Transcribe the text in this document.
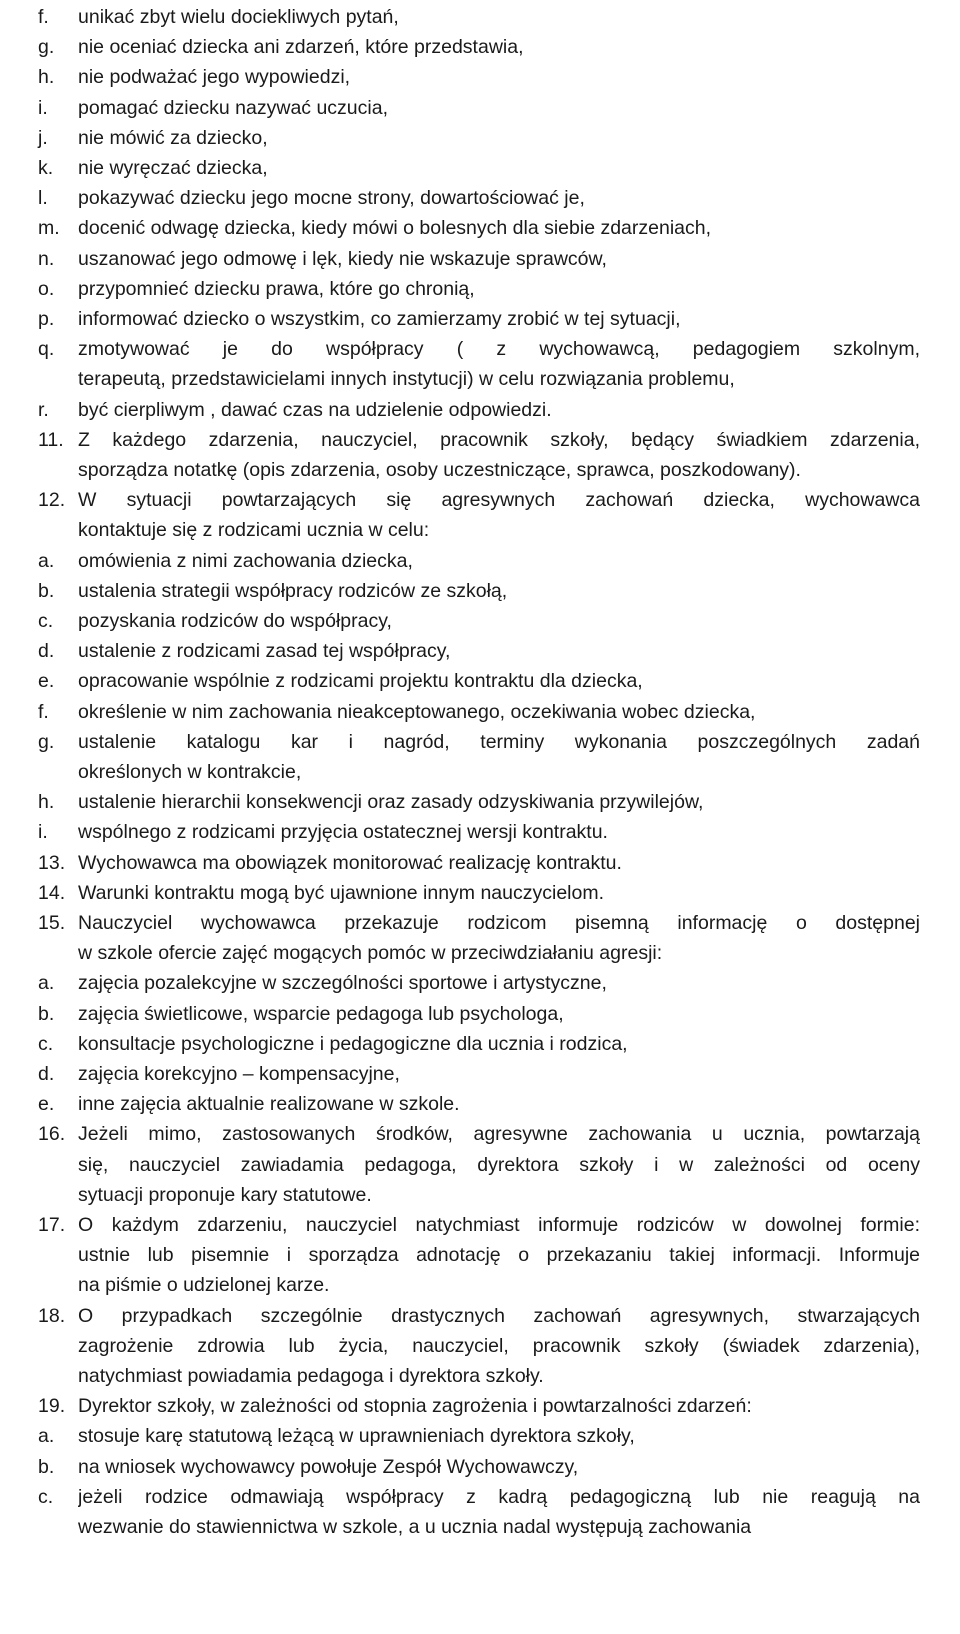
f. unikać zbyt wielu dociekliwych pytań,
g. nie oceniać dziecka ani zdarzeń, które przedstawia,
h. nie podważać jego wypowiedzi,
i. pomagać dziecku nazywać uczucia,
j. nie mówić za dziecko,
k. nie wyręczać dziecka,
l. pokazywać dziecku jego mocne strony, dowartościować je,
m. docenić odwagę dziecka, kiedy mówi o bolesnych dla siebie zdarzeniach,
n. uszanować jego odmowę i lęk, kiedy nie wskazuje sprawców,
o. przypomnieć dziecku prawa, które go chronią,
p. informować dziecko o wszystkim, co zamierzamy zrobić w tej sytuacji,
q. zmotywować je do współpracy ( z wychowawcą, pedagogiem szkolnym,
terapeutą, przedstawicielami innych instytucji) w celu rozwiązania problemu,
r. być cierpliwym , dawać czas na udzielenie odpowiedzi.
11. Z każdego zdarzenia, nauczyciel, pracownik szkoły, będący świadkiem zdarzenia,
sporządza notatkę (opis zdarzenia, osoby uczestniczące, sprawca, poszkodowany).
12. W sytuacji powtarzających się agresywnych zachowań dziecka, wychowawca
kontaktuje się z rodzicami ucznia w celu:
a. omówienia z nimi zachowania dziecka,
b. ustalenia strategii współpracy rodziców ze szkołą,
c. pozyskania rodziców do współpracy,
d. ustalenie z rodzicami zasad tej współpracy,
e. opracowanie wspólnie z rodzicami projektu kontraktu dla dziecka,
f. określenie w nim zachowania nieakceptowanego, oczekiwania wobec dziecka,
g. ustalenie katalogu kar i nagród, terminy wykonania poszczególnych zadań
określonych w kontrakcie,
h. ustalenie hierarchii konsekwencji oraz zasady odzyskiwania przywilejów,
i. wspólnego z rodzicami przyjęcia ostatecznej wersji kontraktu.
13. Wychowawca ma obowiązek monitorować realizację kontraktu.
14. Warunki kontraktu mogą być ujawnione innym nauczycielom.
15. Nauczyciel wychowawca przekazuje rodzicom pisemną informację o dostępnej
w szkole ofercie zajęć mogących pomóc w przeciwdziałaniu agresji:
a. zajęcia pozalekcyjne w szczególności sportowe i artystyczne,
b. zajęcia świetlicowe, wsparcie pedagoga lub psychologa,
c. konsultacje psychologiczne i pedagogiczne dla ucznia i rodzica,
d. zajęcia korekcyjno – kompensacyjne,
e. inne zajęcia aktualnie realizowane w szkole.
16. Jeżeli mimo, zastosowanych środków, agresywne zachowania u ucznia, powtarzają
się, nauczyciel zawiadamia pedagoga, dyrektora szkoły i w zależności od oceny
sytuacji proponuje kary statutowe.
17. O każdym zdarzeniu, nauczyciel natychmiast informuje rodziców w dowolnej formie:
ustnie lub pisemnie i sporządza adnotację o przekazaniu takiej informacji. Informuje
na piśmie o udzielonej karze.
18. O przypadkach szczególnie drastycznych zachowań agresywnych, stwarzających
zagrożenie zdrowia lub życia, nauczyciel, pracownik szkoły (świadek zdarzenia),
natychmiast powiadamia pedagoga i dyrektora szkoły.
19. Dyrektor szkoły, w zależności od stopnia zagrożenia i powtarzalności zdarzeń:
a. stosuje karę statutową leżącą w uprawnieniach dyrektora szkoły,
b. na wniosek wychowawcy powołuje Zespół Wychowawczy,
c. jeżeli rodzice odmawiają współpracy z kadrą pedagogiczną lub nie reagują na
wezwanie do stawiennictwa w szkole, a u ucznia nadal występują zachowania
